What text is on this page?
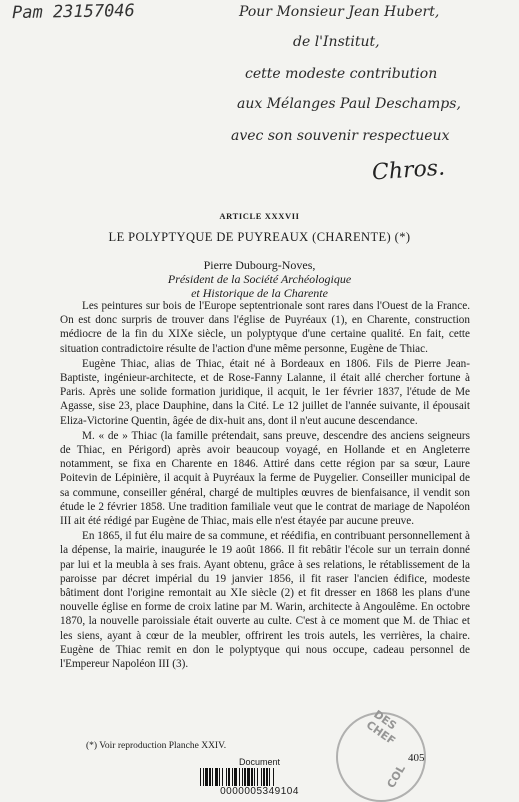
Pam 23157046	Pour Monsieur Jean Hubert,
de l'Institut,
cette modeste contribution
aux Mélanges Paul Deschamps,
avec son souvenir respectueux
Chros.
ARTICLE XXXVII
LE POLYPTYQUE DE PUYREAUX (CHARENTE) (*)
Pierre Dubourg-Noves,
Président de la Société Archéologique
et Historique de la Charente

Les peintures sur bois de l'Europe septentrionale sont rares dans l'Ouest de la France. On est donc surpris de trouver dans l'église de Puyréaux (1), en Charente, construction médiocre de la fin du XIXe siècle, un polyptyque d'une certaine qualité. En fait, cette situation contradictoire résulte de l'action d'une même personne, Eugène de Thiac.

Eugène Thiac, alias de Thiac, était né à Bordeaux en 1806. Fils de Pierre Jean-Baptiste, ingénieur-architecte, et de Rose-Fanny Lalanne, il était allé chercher fortune à Paris. Après une solide formation juridique, il acquit, le 1er février 1837, l'étude de Me Agasse, sise 23, place Dauphine, dans la Cité. Le 12 juillet de l'année suivante, il épousait Eliza-Victorine Quentin, âgée de dix-huit ans, dont il n'eut aucune descendance.

M. « de » Thiac (la famille prétendait, sans preuve, descendre des anciens seigneurs de Thiac, en Périgord) après avoir beaucoup voyagé, en Hollande et en Angleterre notamment, se fixa en Charente en 1846. Attiré dans cette région par sa sœur, Laure Poitevin de Lépinière, il acquit à Puyréaux la ferme de Puygelier. Conseiller municipal de sa commune, conseiller général, chargé de multiples œuvres de bienfaisance, il vendit son étude le 2 février 1858. Une tradition familiale veut que le contrat de mariage de Napoléon III ait été rédigé par Eugène de Thiac, mais elle n'est étayée par aucune preuve.

En 1865, il fut élu maire de sa commune, et réédifia, en contribuant personnellement à la dépense, la mairie, inaugurée le 19 août 1866. Il fit rebâtir l'école sur un terrain donné par lui et la meubla à ses frais. Ayant obtenu, grâce à ses relations, le rétablissement de la paroisse par décret impérial du 19 janvier 1856, il fit raser l'ancien édifice, modeste bâtiment dont l'origine remontait au XIe siècle (2) et fit dresser en 1868 les plans d'une nouvelle église en forme de croix latine par M. Warin, architecte à Angoulême. En octobre 1870, la nouvelle paroissiale était ouverte au culte. C'est à ce moment que M. de Thiac et les siens, ayant à cœur de la meubler, offrirent les trois autels, les verrières, la chaire. Eugène de Thiac remit en don le polyptyque qui nous occupe, cadeau personnel de l'Empereur Napoléon III (3).

(*) Voir reproduction Planche XXIV.
405
DES CHEF
COL
Document
0000005349104
